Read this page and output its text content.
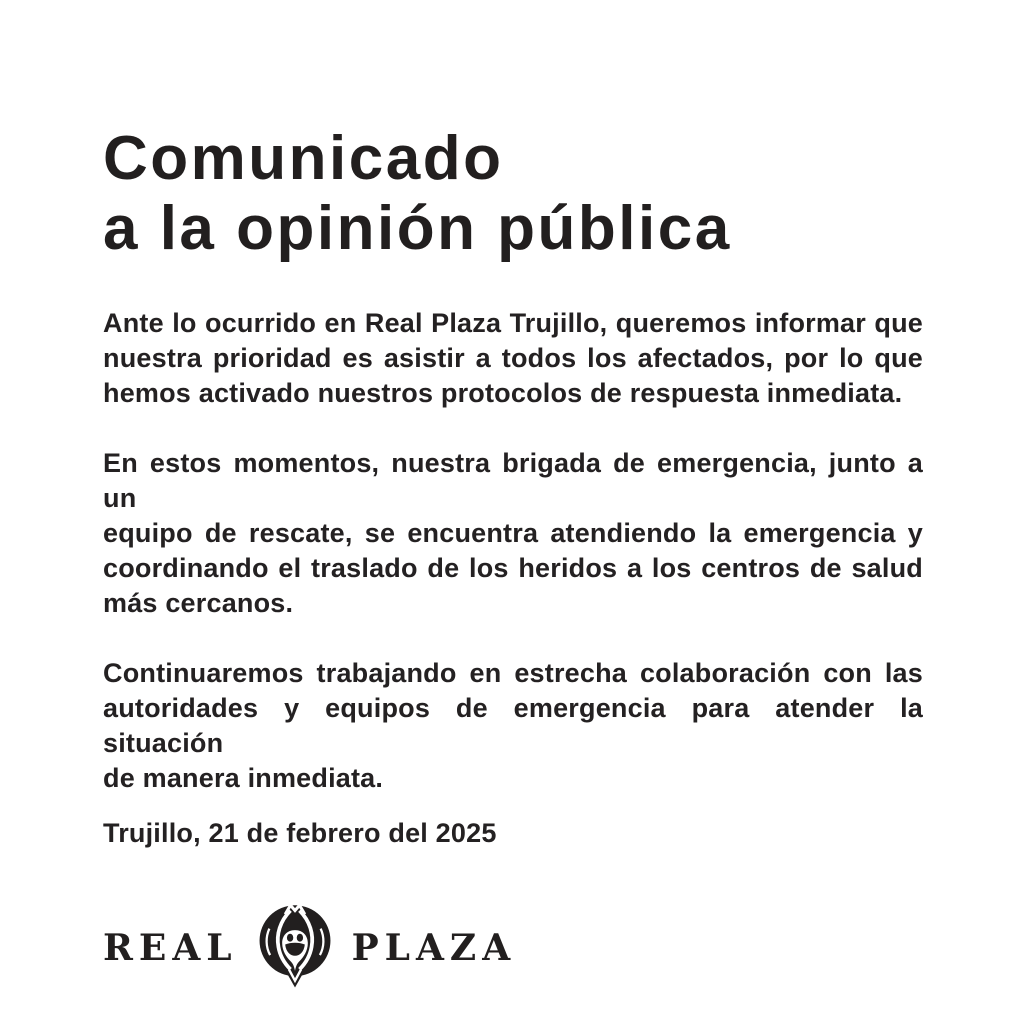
Comunicado
a la opinión pública

Ante lo ocurrido en Real Plaza Trujillo, queremos informar que
nuestra prioridad es asistir a todos los afectados, por lo que
hemos activado nuestros protocolos de respuesta inmediata.

En estos momentos, nuestra brigada de emergencia, junto a un
equipo de rescate, se encuentra atendiendo la emergencia y
coordinando el traslado de los heridos a los centros de salud
más cercanos.

Continuaremos trabajando en estrecha colaboración con las
autoridades y equipos de emergencia para atender la situación
de manera inmediata.

Trujillo, 21 de febrero del 2025

REAL	PLAZA
